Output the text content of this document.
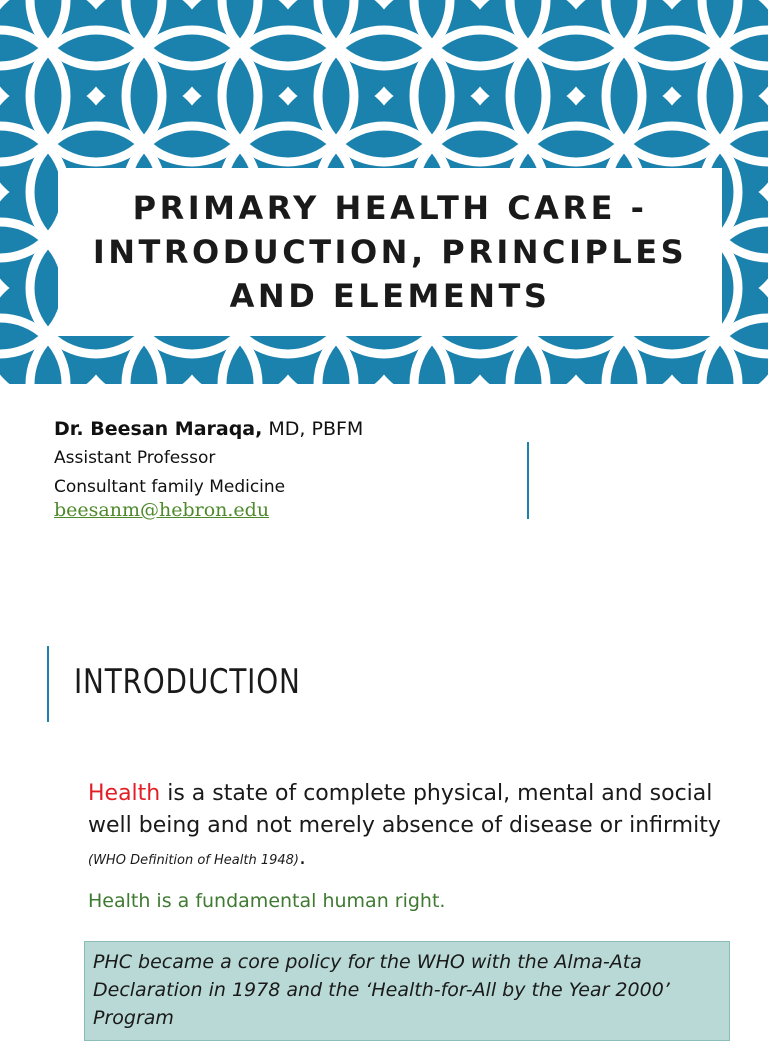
PRIMARY HEALTH CARE - INTRODUCTION, PRINCIPLES AND ELEMENTS

Dr. Beesan Maraqa, MD, PBFM

Assistant Professor

Consultant family Medicine

beesanm@hebron.edu
INTRODUCTION

Health is a state of complete physical, mental and social well being and not merely absence of disease or infirmity (WHO Definition of Health 1948).

Health is a fundamental human right.

PHC became a core policy for the WHO with the Alma-Ata Declaration in 1978 and the ‘Health-for-All by the Year 2000’ Program
